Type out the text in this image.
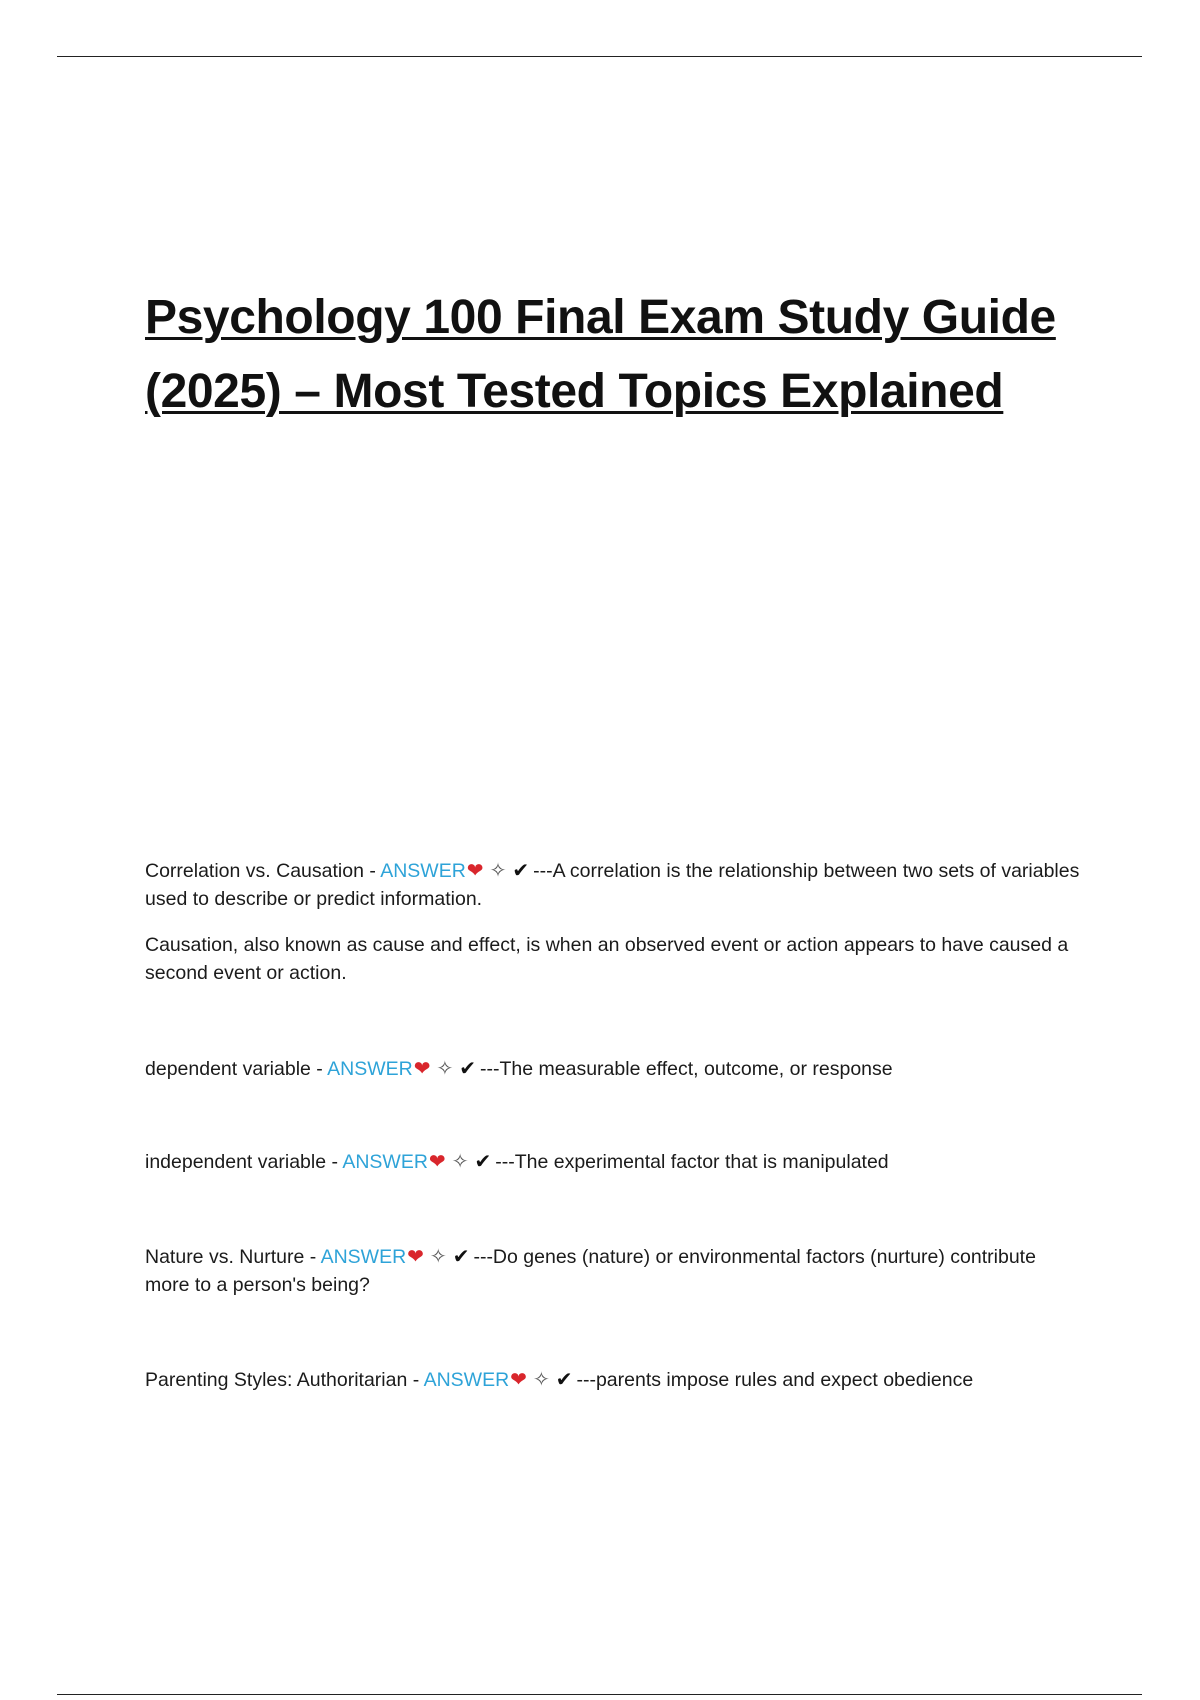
Psychology 100 Final Exam Study Guide
(2025) – Most Tested Topics Explained

Correlation vs. Causation - ANSWER❤ ✧ ✔ ---A correlation is the relationship between two sets of variables used to describe or predict information.

Causation, also known as cause and effect, is when an observed event or action appears to have caused a second event or action.

dependent variable - ANSWER❤ ✧ ✔ ---The measurable effect, outcome, or response

independent variable - ANSWER❤ ✧ ✔ ---The experimental factor that is manipulated

Nature vs. Nurture - ANSWER❤ ✧ ✔ ---Do genes (nature) or environmental factors (nurture) contribute more to a person's being?

Parenting Styles: Authoritarian - ANSWER❤ ✧ ✔ ---parents impose rules and expect obedience
